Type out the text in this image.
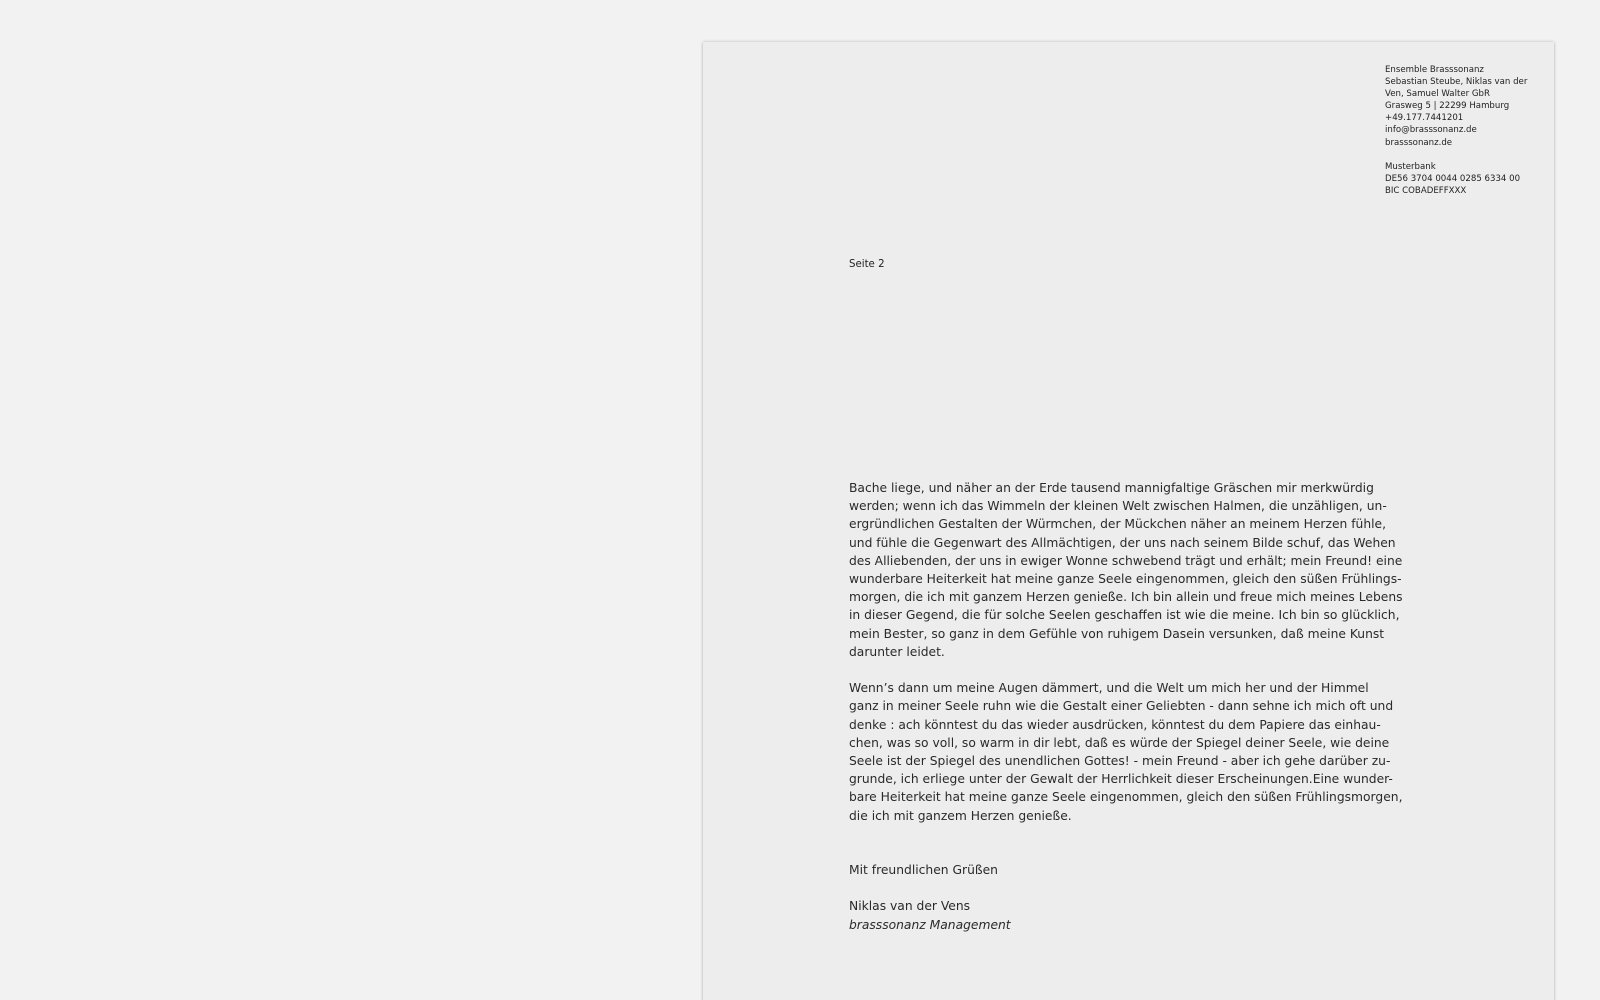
Ensemble Brasssonanz
Sebastian Steube, Niklas van der
Ven, Samuel Walter GbR
Grasweg 5 | 22299 Hamburg
+49.177.7441201
info@brasssonanz.de
brasssonanz.de
Musterbank
DE56 3704 0044 0285 6334 00
BIC COBADEFFXXX
Seite 2
Bache liege, und näher an der Erde tausend mannigfaltige Gräschen mir merkwürdig
werden; wenn ich das Wimmeln der kleinen Welt zwischen Halmen, die unzähligen, un-
ergründlichen Gestalten der Würmchen, der Mückchen näher an meinem Herzen fühle,
und fühle die Gegenwart des Allmächtigen, der uns nach seinem Bilde schuf, das Wehen
des Alliebenden, der uns in ewiger Wonne schwebend trägt und erhält; mein Freund! eine
wunderbare Heiterkeit hat meine ganze Seele eingenommen, gleich den süßen Frühlings-
morgen, die ich mit ganzem Herzen genieße. Ich bin allein und freue mich meines Lebens
in dieser Gegend, die für solche Seelen geschaffen ist wie die meine. Ich bin so glücklich,
mein Bester, so ganz in dem Gefühle von ruhigem Dasein versunken, daß meine Kunst
darunter leidet.
Wenn’s dann um meine Augen dämmert, und die Welt um mich her und der Himmel
ganz in meiner Seele ruhn wie die Gestalt einer Geliebten - dann sehne ich mich oft und
denke : ach könntest du das wieder ausdrücken, könntest du dem Papiere das einhau-
chen, was so voll, so warm in dir lebt, daß es würde der Spiegel deiner Seele, wie deine
Seele ist der Spiegel des unendlichen Gottes! - mein Freund - aber ich gehe darüber zu-
grunde, ich erliege unter der Gewalt der Herrlichkeit dieser Erscheinungen.Eine wunder-
bare Heiterkeit hat meine ganze Seele eingenommen, gleich den süßen Frühlingsmorgen,
die ich mit ganzem Herzen genieße.
Mit freundlichen Grüßen
Niklas van der Vens
brasssonanz Management
